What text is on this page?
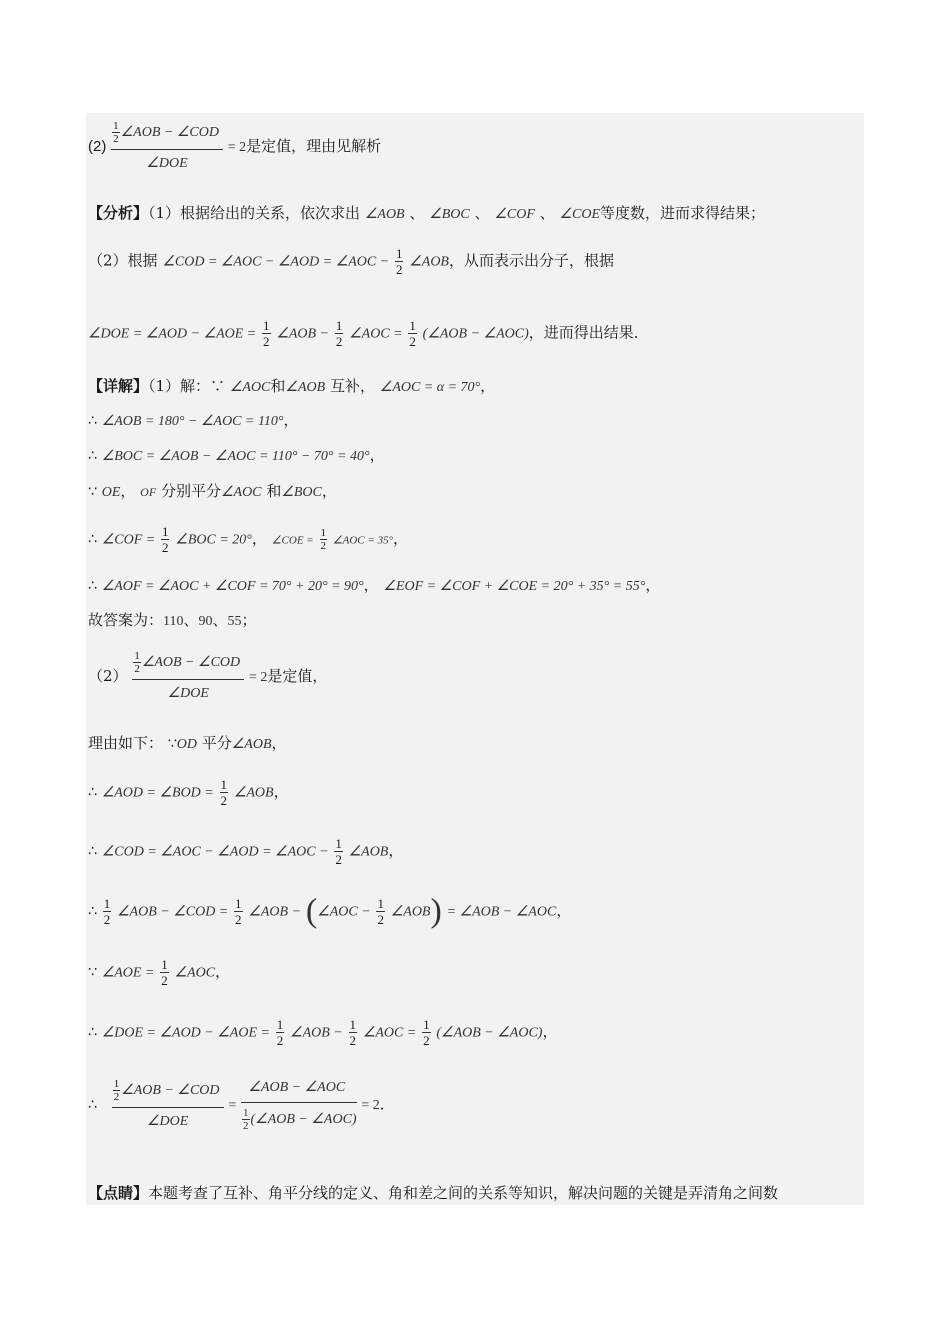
(2)
$\frac{1}{2}$ ∠AOB − ∠COD
∠DOE
= 2是定值，理由见解析
【分析】（1）根据给出的关系，依次求出 ∠AOB 、 ∠BOC 、 ∠COF 、 ∠COE等度数，进而求得结果；
（2）根据 ∠COD = ∠AOC − ∠AOD = ∠AOC − $\frac{1}{2}$ ∠AOB，从而表示出分子，根据
∠DOE = ∠AOD − ∠AOE = $\frac{1}{2}$ ∠AOB − $\frac{1}{2}$ ∠AOC = $\frac{1}{2}$ (∠AOB − ∠AOC)，进而得出结果．
【详解】（1）解：∵ ∠AOC和∠AOB 互补， ∠AOC = α = 70°，
∴ ∠AOB = 180° − ∠AOC = 110°，
∴ ∠BOC = ∠AOB − ∠AOC = 110° − 70° = 40°，
∵ OE， OF 分别平分∠AOC 和∠BOC，
∴ ∠COF = $\frac{1}{2}$ ∠BOC = 20°， ∠COE = $\frac{1}{2}$ ∠AOC = 35°，
∴ ∠AOF = ∠AOC + ∠COF = 70° + 20° = 90°， ∠EOF = ∠COF + ∠COE = 20° + 35° = 55°，
故答案为：110、90、55；
（2）
$\frac{1}{2}$ ∠AOB − ∠COD
∠DOE
= 2是定值，
理由如下： ∵OD 平分∠AOB，
∴ ∠AOD = ∠BOD = $\frac{1}{2}$ ∠AOB，
∴ ∠COD = ∠AOC − ∠AOD = ∠AOC − $\frac{1}{2}$ ∠AOB，
∴ $\frac{1}{2}$ ∠AOB − ∠COD = $\frac{1}{2}$ ∠AOB − (∠AOC − $\frac{1}{2}$ ∠AOB) = ∠AOB − ∠AOC，
∵ ∠AOE = $\frac{1}{2}$ ∠AOC，
∴ ∠DOE = ∠AOD − ∠AOE = $\frac{1}{2}$ ∠AOB − $\frac{1}{2}$ ∠AOC = $\frac{1}{2}$ (∠AOB − ∠AOC)，
∴
$\frac{1}{2}$ ∠AOB − ∠COD
∠DOE
=
∠AOB − ∠AOC
$\frac{1}{2}$ (∠AOB − ∠AOC)
= 2．
【点睛】本题考查了互补、角平分线的定义、角和差之间的关系等知识，解决问题的关键是弄清角之间数
